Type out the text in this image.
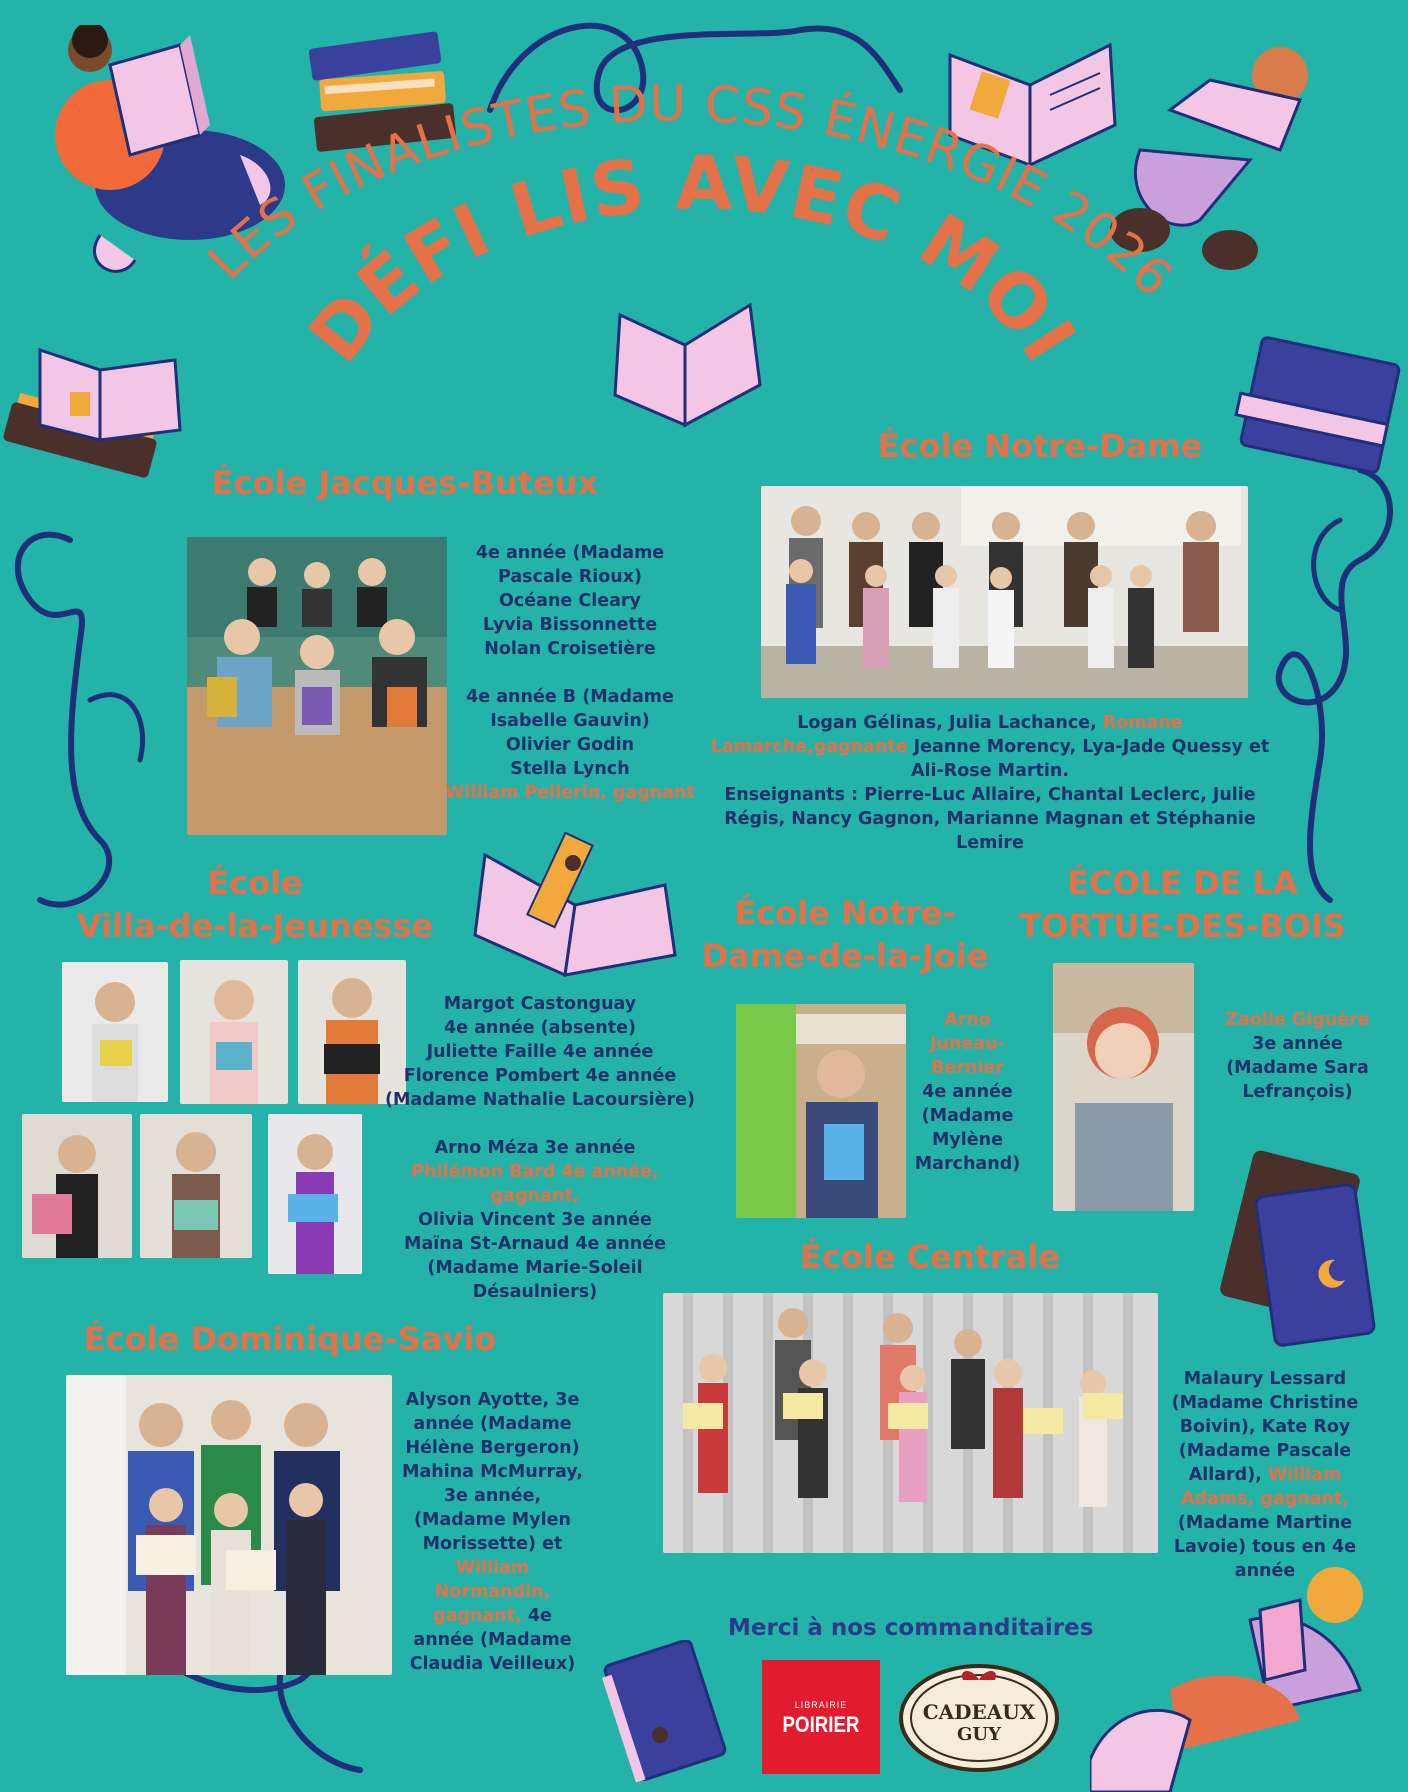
LES FINALISTES DU CSS ÉNERGIE 2026
DÉFI LIS AVEC MOI
École Jacques-Buteux
4e année (Madame
Pascale Rioux)
Océane Cleary
Lyvia Bissonnette
Nolan Croisetière
4e année B (Madame
Isabelle Gauvin)
Olivier Godin
Stella Lynch
William Pellerin, gagnant
École Notre-Dame
Logan Gélinas, Julia Lachance, Romane
Lamarche,gagnante Jeanne Morency, Lya-Jade Quessy et
Ali-Rose Martin.
Enseignants : Pierre-Luc Allaire, Chantal Leclerc, Julie
Régis, Nancy Gagnon, Marianne Magnan et Stéphanie
Lemire
École
Villa-de-la-Jeunesse
Margot Castonguay
4e année (absente)
Juliette Faille 4e année
Florence Pombert 4e année
(Madame Nathalie Lacoursière)
Arno Méza 3e année
Philémon Bard 4e année,
gagnant,
Olivia Vincent 3e année
Maïna St-Arnaud 4e année
(Madame Marie-Soleil
Désaulniers)
École Notre-
Dame-de-la-Joie
Arno
Juneau-
Bernier
4e année
(Madame
Mylène
Marchand)
ÉCOLE DE LA
TORTUE-DES-BOIS
Zaolie Giguère
3e année
(Madame Sara
Lefrançois)
École Centrale
Malaury Lessard
(Madame Christine
Boivin), Kate Roy
(Madame Pascale
Allard), William
Adams, gagnant,
(Madame Martine
Lavoie) tous en 4e
année
École Dominique-Savio
Alyson Ayotte, 3e
année (Madame
Hélène Bergeron)
Mahina McMurray,
3e année,
(Madame Mylen
Morissette) et
William
Normandin,
gagnant, 4e
année (Madame
Claudia Veilleux)
Merci à nos commanditaires
LIBRAIRIE
POIRIER	CADEAUX
GUY
